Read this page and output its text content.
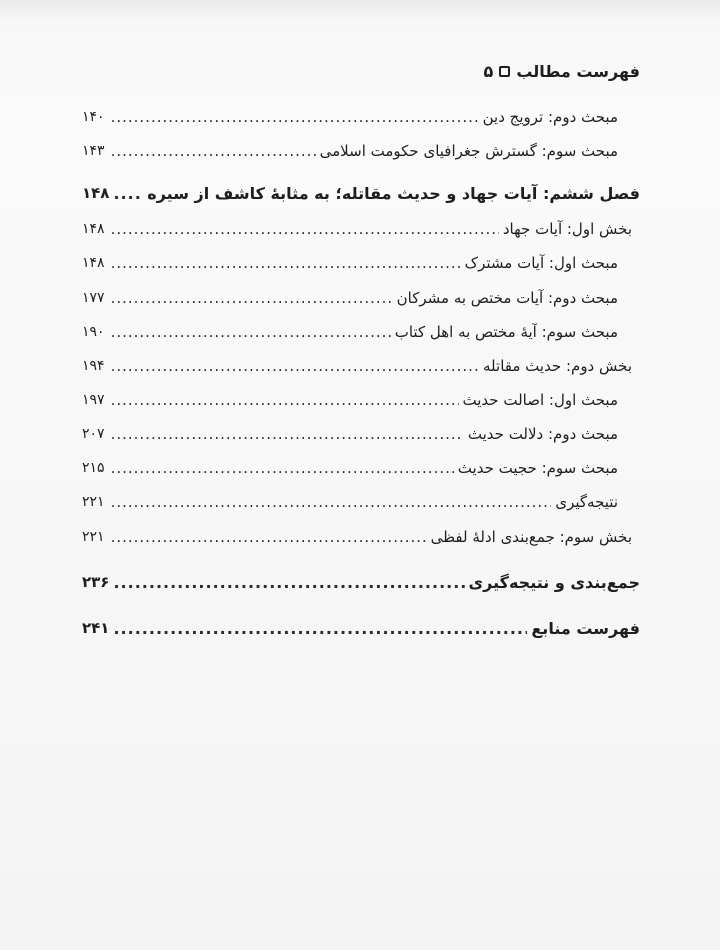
فهرست مطالب
۵
مبحث دوم: ترویج دین
.....
۱۴۰
مبحث سوم: گسترش جغرافیای حکومت اسلامی
.....
۱۴۳
فصل ششم: آیات جهاد و حدیث مقاتله؛ به مثابهٔ کاشف از سیره
.....
۱۴۸
بخش اول: آیات جهاد
.....
۱۴۸
مبحث اول: آیات مشترک
.....
۱۴۸
مبحث دوم: آیات مختص به مشرکان
.....
۱۷۷
مبحث سوم: آیهٔ مختص به اهل کتاب
.....
۱۹۰
بخش دوم: حدیث مقاتله
.....
۱۹۴
مبحث اول: اصالت حدیث
.....
۱۹۷
مبحث دوم: دلالت حدیث
.....
۲۰۷
مبحث سوم: حجیت حدیث
.....
۲۱۵
نتیجه‌گیری
.....
۲۲۱
بخش سوم: جمع‌بندی ادلهٔ لفظی
.....
۲۲۱
جمع‌بندی و نتیجه‌گیری
.....
۲۳۶
فهرست منابع
.....
۲۴۱
